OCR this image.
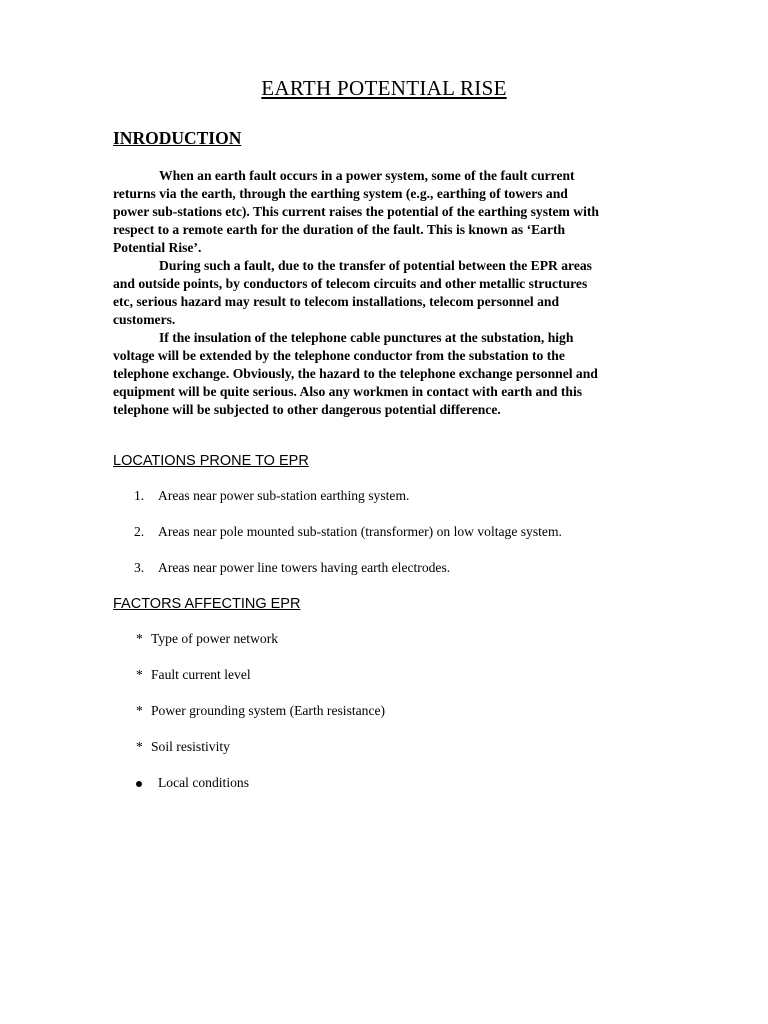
EARTH POTENTIAL RISE
INRODUCTION

When an earth fault occurs in a power system, some of the fault current
returns via the earth, through the earthing system (e.g., earthing of towers and
power sub-stations etc). This current raises the potential of the earthing system with
respect to a remote earth for the duration of the fault. This is known as ‘Earth
Potential Rise’.

During such a fault, due to the transfer of potential between the EPR areas
and outside points, by conductors of telecom circuits and other metallic structures
etc, serious hazard may result to telecom installations, telecom personnel and
customers.

If the insulation of the telephone cable punctures at the substation, high
voltage will be extended by the telephone conductor from the substation to the
telephone exchange. Obviously, the hazard to the telephone exchange personnel and
equipment will be quite serious. Also any workmen in contact with earth and this
telephone will be subjected to other dangerous potential difference.

LOCATIONS PRONE TO EPR
1. Areas near power sub-station earthing system.
2. Areas near pole mounted sub-station (transformer) on low voltage system.
3. Areas near power line towers having earth electrodes.
FACTORS AFFECTING EPR
* Type of power network
* Fault current level
* Power grounding system (Earth resistance)
* Soil resistivity
Local conditions
